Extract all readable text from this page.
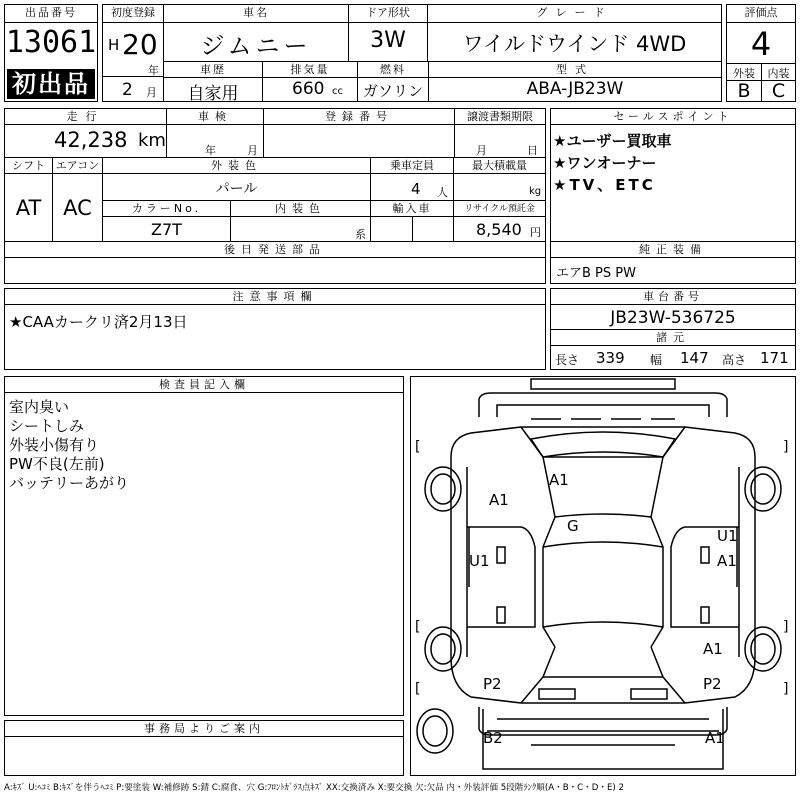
出品番号
13061
初出品
初度登録
H 20
年
2 月
車名
ジムニー
ドア形状
3W
グレード
ワイルドウインド 4WD
車歴
自家用
排気量
660 cc
燃料
ガソリン
型式
ABA-JB23W
評価点
4
外装	内装
B	C
走行
42,238 km
車検
年	月
登録番号	譲渡書類期限
月	日
シフト
AT
エアコン
AC
外装色
パール
乗車定員
4 人
最大積載量
kg
カラーNo.
Z7T
内装色
系
輸入車	リサイクル預託金
8,540 円
後日発送部品
セールスポイント
★ユーザー買取車
★ワンオーナー
★TV、ETC
純正装備
エアB PS PW
注意事項欄
★CAAカークリ済2月13日
車台番号
JB23W-536725
諸元
長さ 339 幅 147 高さ 171
検査員記入欄
室内臭い
シートしみ
外装小傷有り
PW不良(左前)
バッテリーあがり
事務局よりご案内
[	]
[	]
[	]
A1
G
A1
U1
U1
A1
A1
P2	P2
B2	A1
A:ｷｽﾞ U:ﾍｺﾐ B:ｷｽﾞを伴うﾍｺﾐ P:要塗装 W:補修跡 S:錆 C:腐食、穴 G:ﾌﾛﾝﾄｶﾞﾗｽ点ｷｽﾞ XX:交換済み X:要交換 欠:欠品 内・外装評価 5段階ﾗﾝｸ順(A・B・C・D・E) 2
